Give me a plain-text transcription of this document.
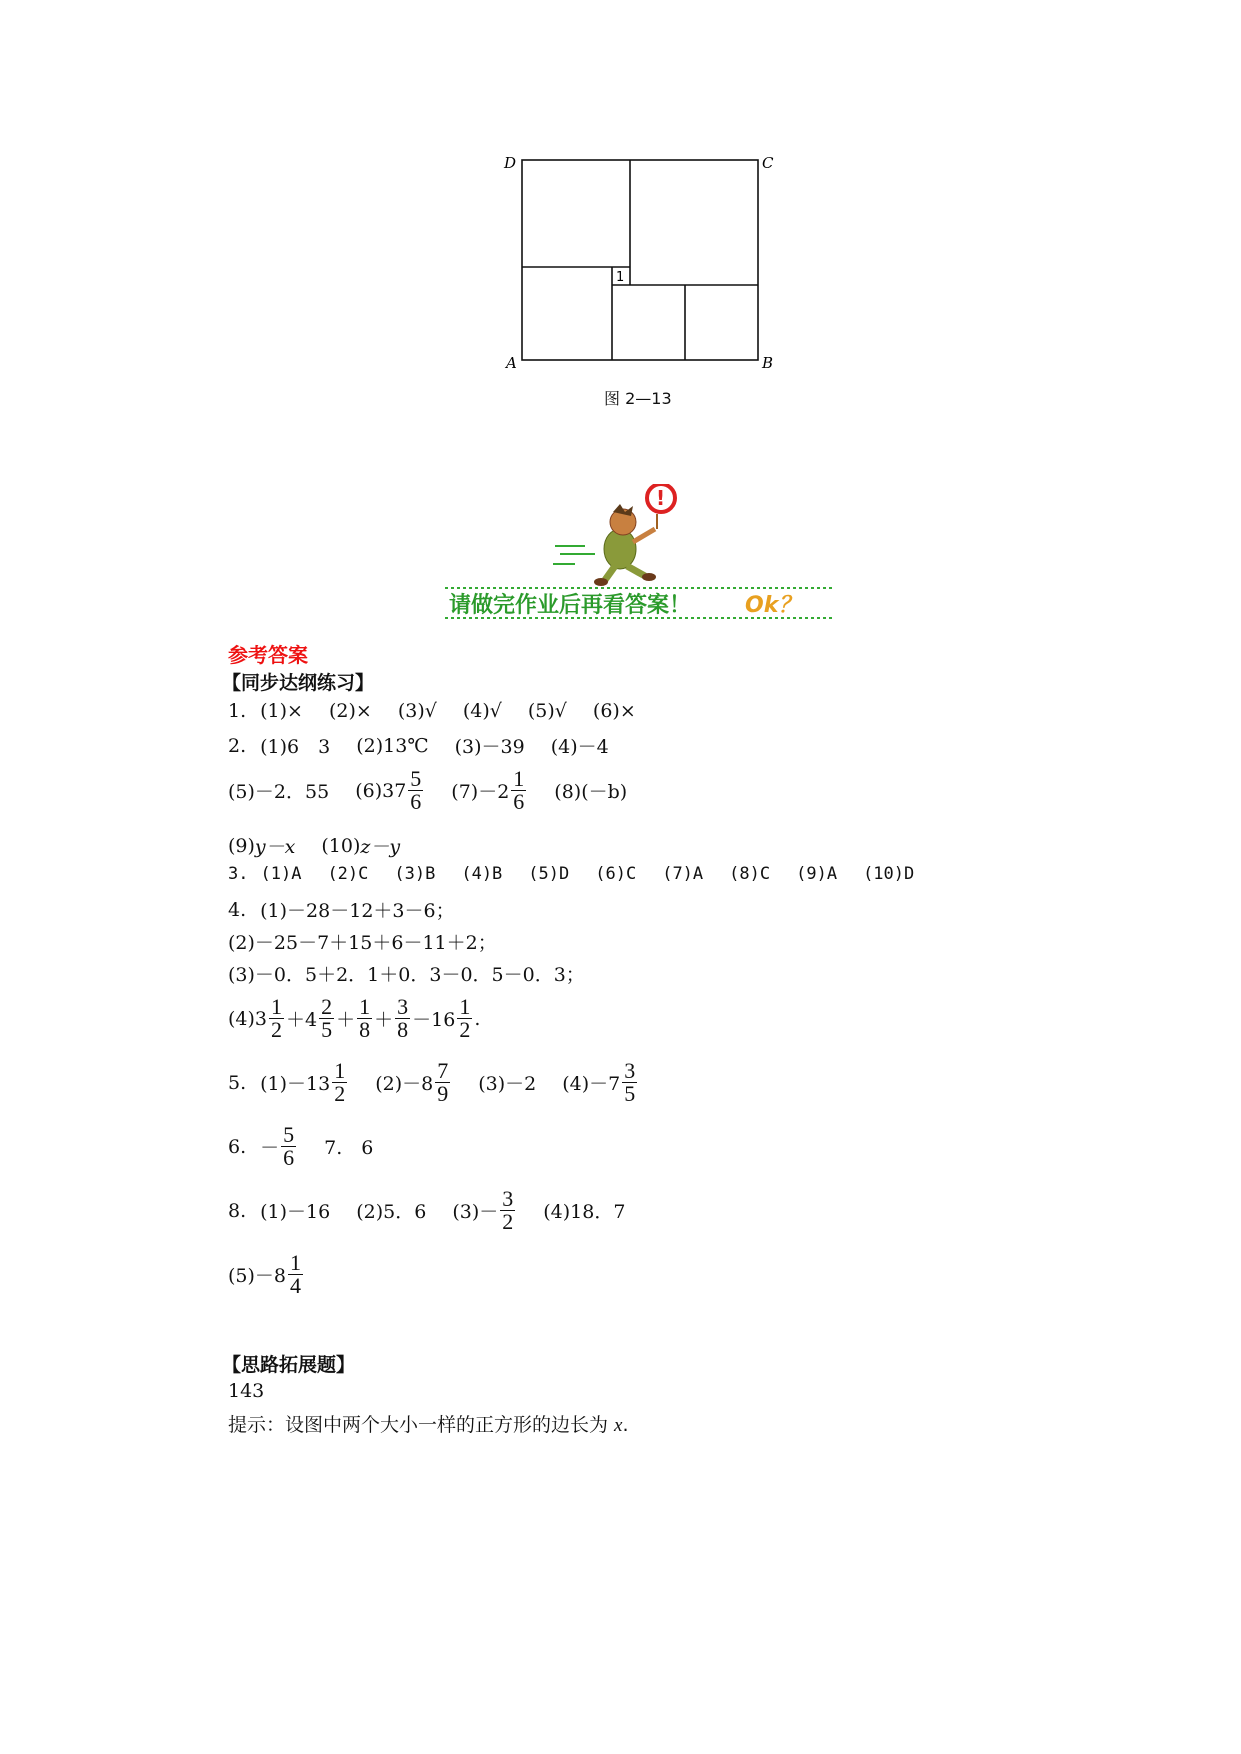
1
D	C
A	B
图 2—13
!
请做完作业后再看答案！ Ok？
参考答案
【同步达纲练习】
1. (1)× (2)× (3)√ (4)√ (5)√ (6)×
2. (1)6　3 (2)13℃ (3)－39 (4)－4
(5)－2．55 $(6)37 \frac{5}{6} (7)-2 \frac{1}{6} (8)(-b)$
(9) y－x (10) z－y
3. (1)A (2)C (3)B (4)B (5)D (6)C (7)A (8)C (9)A (10)D
4. (1)－28－12＋3－6；
(2)－25－7＋15＋6－11＋2；
(3)－0．5＋2．1＋0．3－0．5－0．3；
$(4)3 \frac{1}{2} +4 \frac{2}{5} + \frac{1}{8} + \frac{3}{8} -16 \frac{1}{2}$ .
5. $(1)-13 \frac{1}{2} (2)-8 \frac{7}{9} (3)-2$ $(4)-7 \frac{3}{5}$
6. － $\frac{5}{6} 7$.　6
8. (1)－16 (2)5．6 $(3)- \frac{3}{2} (4)18$．7
$(5)-8 \frac{1}{4}$
【思路拓展题】
143
提示：设图中两个大小一样的正方形的边长为 x.
